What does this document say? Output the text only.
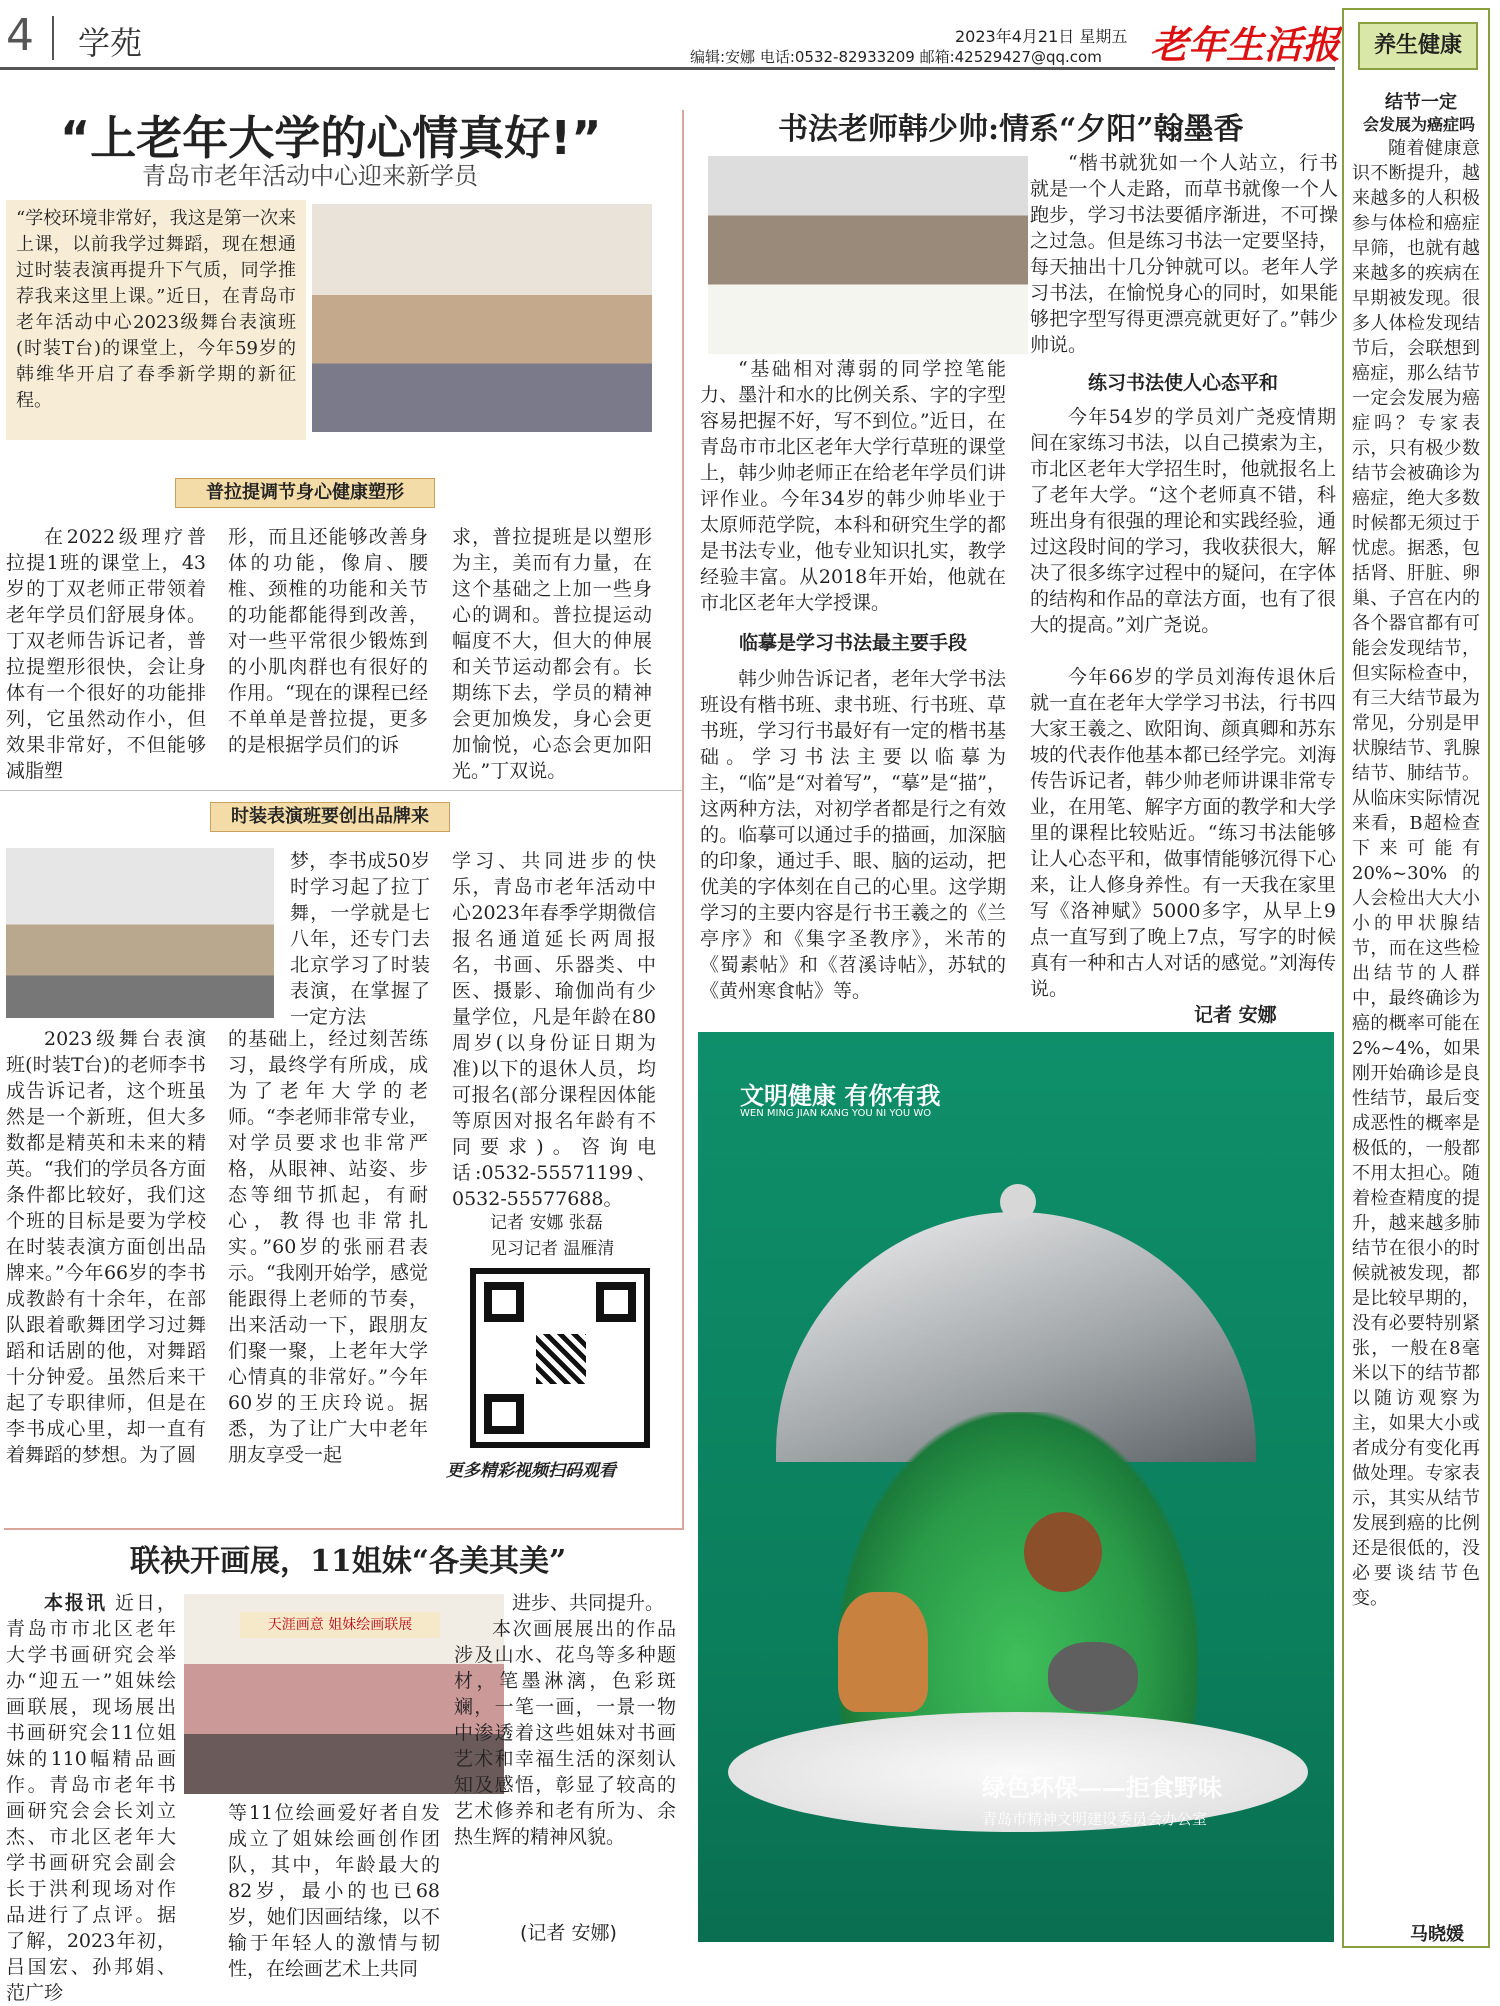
4 学苑	2023年4月21日 星期五
编辑:安娜 电话:0532-82933209 邮箱:42529427@qq.com 老年生活报	养生健康
“上老年大学的心情真好!”
青岛市老年活动中心迎来新学员
“学校环境非常好，我这是第一次来上课，以前我学过舞蹈，现在想通过时装表演再提升下气质，同学推荐我来这里上课。”近日，在青岛市老年活动中心2023级舞台表演班(时装T台)的课堂上，今年59岁的韩维华开启了春季新学期的新征程。
普拉提调节身心健康塑形
在2022级理疗普拉提1班的课堂上，43岁的丁双老师正带领着老年学员们舒展身体。丁双老师告诉记者，普拉提塑形很快，会让身体有一个很好的功能排列，它虽然动作小，但效果非常好，不但能够减脂塑
形，而且还能够改善身体的功能，像肩、腰椎、颈椎的功能和关节的功能都能得到改善，对一些平常很少锻炼到的小肌肉群也有很好的作用。“现在的课程已经不单单是普拉提，更多的是根据学员们的诉
求，普拉提班是以塑形为主，美而有力量，在这个基础之上加一些身心的调和。普拉提运动幅度不大，但大的伸展和关节运动都会有。长期练下去，学员的精神会更加焕发，身心会更加愉悦，心态会更加阳光。”丁双说。
时装表演班要创出品牌来
梦，李书成50岁时学习起了拉丁舞，一学就是七八年，还专门去北京学习了时装表演，在掌握了一定方法
2023级舞台表演班(时装T台)的老师李书成告诉记者，这个班虽然是一个新班，但大多数都是精英和未来的精英。“我们的学员各方面条件都比较好，我们这个班的目标是要为学校在时装表演方面创出品牌来。”今年66岁的李书成教龄有十余年，在部队跟着歌舞团学习过舞蹈和话剧的他，对舞蹈十分钟爱。虽然后来干起了专职律师，但是在李书成心里，却一直有着舞蹈的梦想。为了圆
的基础上，经过刻苦练习，最终学有所成，成为了老年大学的老师。“李老师非常专业，对学员要求也非常严格，从眼神、站姿、步态等细节抓起，有耐心，教得也非常扎实。”60岁的张丽君表示。“我刚开始学，感觉能跟得上老师的节奏，出来活动一下，跟朋友们聚一聚，上老年大学心情真的非常好。”今年60岁的王庆玲说。据悉，为了让广大中老年朋友享受一起
学习、共同进步的快乐，青岛市老年活动中心2023年春季学期微信报名通道延长两周报名，书画、乐器类、中医、摄影、瑜伽尚有少量学位，凡是年龄在80周岁(以身份证日期为准)以下的退休人员，均可报名(部分课程因体能等原因对报名年龄有不同要求)。咨询电话:0532-55571199、0532-55577688。
记者 安娜 张磊
见习记者 温雁清
更多精彩视频扫码观看
联袂开画展，11姐妹“各美其美”
本报讯 近日，青岛市市北区老年大学书画研究会举办“迎五一”姐妹绘画联展，现场展出书画研究会11位姐妹的110幅精品画作。青岛市老年书画研究会会长刘立杰、市北区老年大学书画研究会副会长于洪利现场对作品进行了点评。据了解，2023年初，吕国宏、孙邦娟、范广珍
天涯画意 姐妹绘画联展
等11位绘画爱好者自发成立了姐妹绘画创作团队，其中，年龄最大的82岁，最小的也已68岁，她们因画结缘，以不输于年轻人的激情与韧性，在绘画艺术上共同
进步、共同提升。
本次画展展出的作品涉及山水、花鸟等多种题材，笔墨淋漓，色彩斑斓，一笔一画，一景一物中渗透着这些姐妹对书画艺术和幸福生活的深刻认知及感悟，彰显了较高的艺术修养和老有所为、余热生辉的精神风貌。
(记者 安娜)
书法老师韩少帅:情系“夕阳”翰墨香
“楷书就犹如一个人站立，行书就是一个人走路，而草书就像一个人跑步，学习书法要循序渐进，不可操之过急。但是练习书法一定要坚持，每天抽出十几分钟就可以。老年人学习书法，在愉悦身心的同时，如果能够把字型写得更漂亮就更好了。”韩少帅说。
“基础相对薄弱的同学控笔能力、墨汁和水的比例关系、字的字型容易把握不好，写不到位。”近日，在青岛市市北区老年大学行草班的课堂上，韩少帅老师正在给老年学员们讲评作业。今年34岁的韩少帅毕业于太原师范学院，本科和研究生学的都是书法专业，他专业知识扎实，教学经验丰富。从2018年开始，他就在市北区老年大学授课。
临摹是学习书法最主要手段
韩少帅告诉记者，老年大学书法班设有楷书班、隶书班、行书班、草书班，学习行书最好有一定的楷书基础。学习书法主要以临摹为主，“临”是“对着写”，“摹”是“描”，这两种方法，对初学者都是行之有效的。临摹可以通过手的描画，加深脑的印象，通过手、眼、脑的运动，把优美的字体刻在自己的心里。这学期学习的主要内容是行书王羲之的《兰亭序》和《集字圣教序》，米芾的《蜀素帖》和《苕溪诗帖》，苏轼的《黄州寒食帖》等。
练习书法使人心态平和
今年54岁的学员刘广尧疫情期间在家练习书法，以自己摸索为主，市北区老年大学招生时，他就报名上了老年大学。“这个老师真不错，科班出身有很强的理论和实践经验，通过这段时间的学习，我收获很大，解决了很多练字过程中的疑问，在字体的结构和作品的章法方面，也有了很大的提高。”刘广尧说。
今年66岁的学员刘海传退休后就一直在老年大学学习书法，行书四大家王羲之、欧阳询、颜真卿和苏东坡的代表作他基本都已经学完。刘海传告诉记者，韩少帅老师讲课非常专业，在用笔、解字方面的教学和大学里的课程比较贴近。“练习书法能够让人心态平和，做事情能够沉得下心来，让人修身养性。有一天我在家里写《洛神赋》5000多字，从早上9点一直写到了晚上7点，写字的时候真有一种和古人对话的感觉。”刘海传说。
记者 安娜
文明健康 有你有我
WEN MING JIAN KANG YOU NI YOU WO
绿色环保——拒食野味
青岛市精神文明建设委员会办公室
结节一定
会发展为癌症吗
随着健康意识不断提升，越来越多的人积极参与体检和癌症早筛，也就有越来越多的疾病在早期被发现。很多人体检发现结节后，会联想到癌症，那么结节一定会发展为癌症吗？专家表示，只有极少数结节会被确诊为癌症，绝大多数时候都无须过于忧虑。据悉，包括肾、肝脏、卵巢、子宫在内的各个器官都有可能会发现结节，但实际检查中，有三大结节最为常见，分别是甲状腺结节、乳腺结节、肺结节。从临床实际情况来看，B超检查下来可能有20%~30%的人会检出大大小小的甲状腺结节，而在这些检出结节的人群中，最终确诊为癌的概率可能在2%~4%，如果刚开始确诊是良性结节，最后变成恶性的概率是极低的，一般都不用太担心。随着检查精度的提升，越来越多肺结节在很小的时候就被发现，都是比较早期的，没有必要特别紧张，一般在8毫米以下的结节都以随访观察为主，如果大小或者成分有变化再做处理。专家表示，其实从结节发展到癌的比例还是很低的，没必要谈结节色变。
马晓媛
